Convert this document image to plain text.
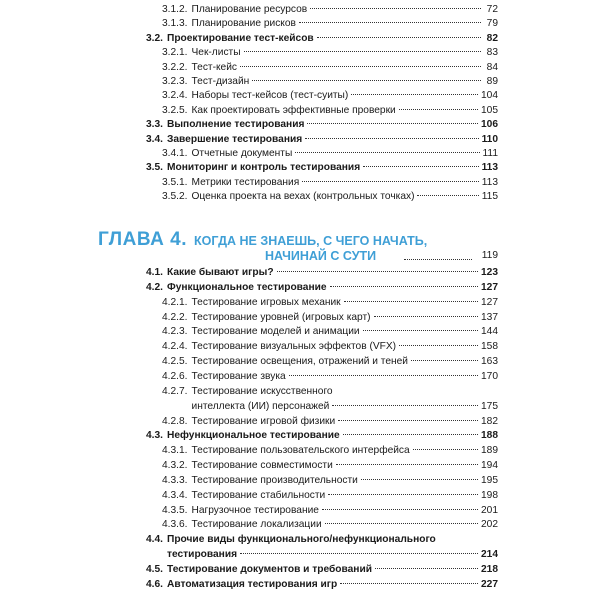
3.1.2. Планирование ресурсов	72
3.1.3. Планирование рисков	79
3.2. Проектирование тест-кейсов	82
3.2.1. Чек-листы	83
3.2.2. Тест-кейс	84
3.2.3. Тест-дизайн	89
3.2.4. Наборы тест-кейсов (тест-суиты)	104
3.2.5. Как проектировать эффективные проверки	105
3.3. Выполнение тестирования	106
3.4. Завершение тестирования	110
3.4.1. Отчетные документы	111
3.5. Мониторинг и контроль тестирования	113
3.5.1. Метрики тестирования	113
3.5.2. Оценка проекта на вехах (контрольных точках)	115
ГЛАВА 4. КОГДА НЕ ЗНАЕШЬ, С ЧЕГО НАЧАТЬ,
НАЧИНАЙ С СУТИ	119
4.1. Какие бывают игры?	123
4.2. Функциональное тестирование	127
4.2.1. Тестирование игровых механик	127
4.2.2. Тестирование уровней (игровых карт)	137
4.2.3. Тестирование моделей и анимации	144
4.2.4. Тестирование визуальных эффектов (VFX)	158
4.2.5. Тестирование освещения, отражений и теней	163
4.2.6. Тестирование звука	170
4.2.7. Тестирование искусственного
интеллекта (ИИ) персонажей	175
4.2.8. Тестирование игровой физики	182
4.3. Нефункциональное тестирование	188
4.3.1. Тестирование пользовательского интерфейса	189
4.3.2. Тестирование совместимости	194
4.3.3. Тестирование производительности	195
4.3.4. Тестирование стабильности	198
4.3.5. Нагрузочное тестирование	201
4.3.6. Тестирование локализации	202
4.4. Прочие виды функционального/нефункционального
тестирования	214
4.5. Тестирование документов и требований	218
4.6. Автоматизация тестирования игр	227
